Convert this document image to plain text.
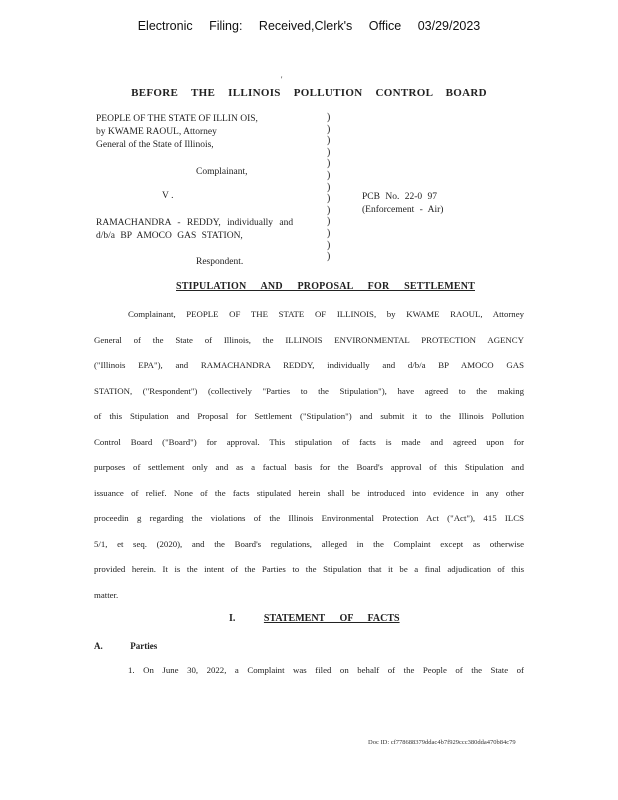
Electronic Filing: Received,Clerk's Office 03/29/2023
'
BEFORE THE ILLINOIS POLLUTION CONTROL BOARD
PEOPLE OF THE STATE OF ILLIN OIS,
by KWAME RAOUL, Attorney
General of the State of Illinois,
Complainant,
V .
RAMACHANDRA - REDDY, individually and
d/b/a BP AMOCO GAS STATION,
Respondent.
)
)
)
)
)
)
)
)
)
)
)
)
)
PCB No. 22-0 97
(Enforcement - Air)
STIPULATION AND PROPOSAL FOR SETTLEMENT
Complainant, PEOPLE OF THE STATE OF ILLINOIS, by KWAME RAOUL, Attorney
General of the State of Illinois, the ILLINOIS ENVIRONMENTAL PROTECTION AGENCY
("Illinois EPA"), and RAMACHANDRA REDDY, individually and d/b/a BP AMOCO GAS
STATION, ("Respondent") (collectively "Parties to the Stipulation"), have agreed to the making
of this Stipulation and Proposal for Settlement ("Stipulation") and submit it to the Illinois Pollution
Control Board ("Board") for approval. This stipulation of facts is made and agreed upon for
purposes of settlement only and as a factual basis for the Board's approval of this Stipulation and
issuance of relief. None of the facts stipulated herein shall be introduced into evidence in any other
proceedin g regarding the violations of the Illinois Environmental Protection Act ("Act"), 415 ILCS
5/1, et seq. (2020), and the Board's regulations, alleged in the Complaint except as otherwise
provided herein. It is the intent of the Parties to the Stipulation that it be a final adjudication of this
matter.
I.	STATEMENT OF FACTS
A.	Parties
1. On June 30, 2022, a Complaint was filed on behalf of the People of the State of
Doc ID: cf778688379ddac4b7f929ccc380dda470b84c79
